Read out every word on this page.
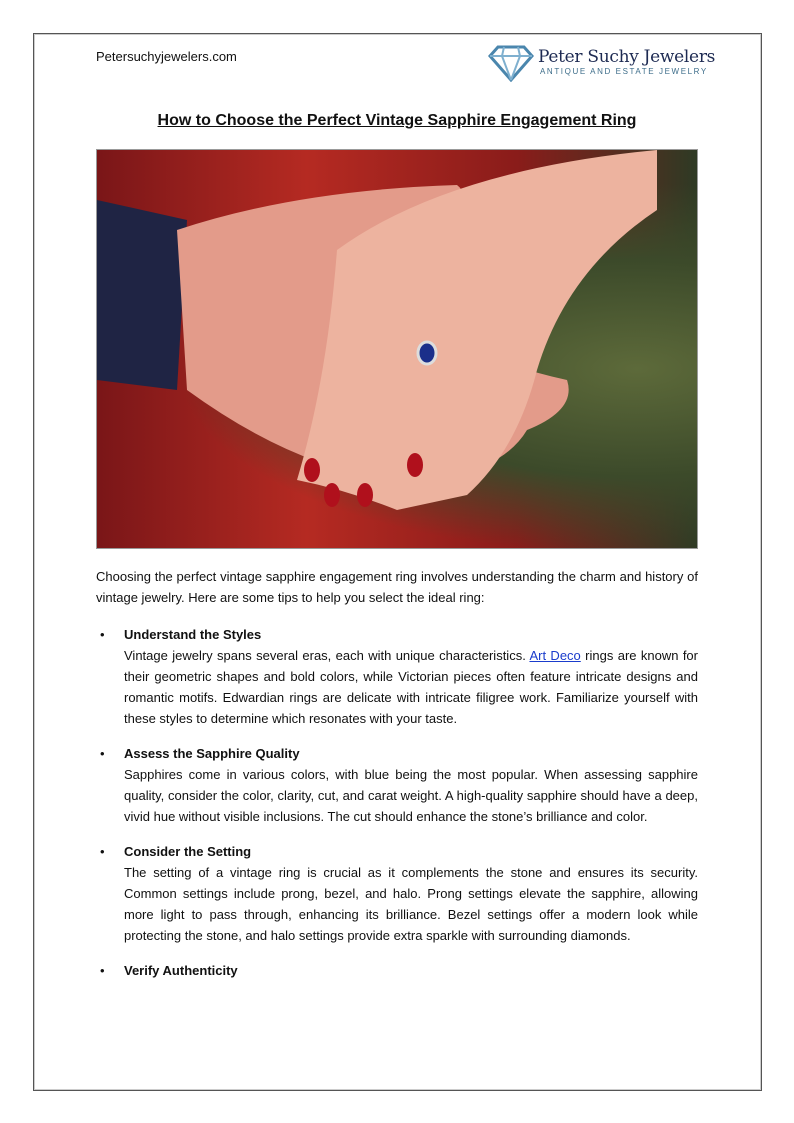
Petersuchyjewelers.com	Peter Suchy Jewelers
ANTIQUE AND ESTATE JEWELRY
How to Choose the Perfect Vintage Sapphire Engagement Ring

Choosing the perfect vintage sapphire engagement ring involves understanding the charm and history of vintage jewelry. Here are some tips to help you select the ideal ring:

• Understand the Styles
Vintage jewelry spans several eras, each with unique characteristics. Art Deco rings are known for their geometric shapes and bold colors, while Victorian pieces often feature intricate designs and romantic motifs. Edwardian rings are delicate with intricate filigree work. Familiarize yourself with these styles to determine which resonates with your taste.
• Assess the Sapphire Quality
Sapphires come in various colors, with blue being the most popular. When assessing sapphire quality, consider the color, clarity, cut, and carat weight. A high-quality sapphire should have a deep, vivid hue without visible inclusions. The cut should enhance the stone’s brilliance and color.
• Consider the Setting
The setting of a vintage ring is crucial as it complements the stone and ensures its security. Common settings include prong, bezel, and halo. Prong settings elevate the sapphire, allowing more light to pass through, enhancing its brilliance. Bezel settings offer a modern look while protecting the stone, and halo settings provide extra sparkle with surrounding diamonds.
• Verify Authenticity
